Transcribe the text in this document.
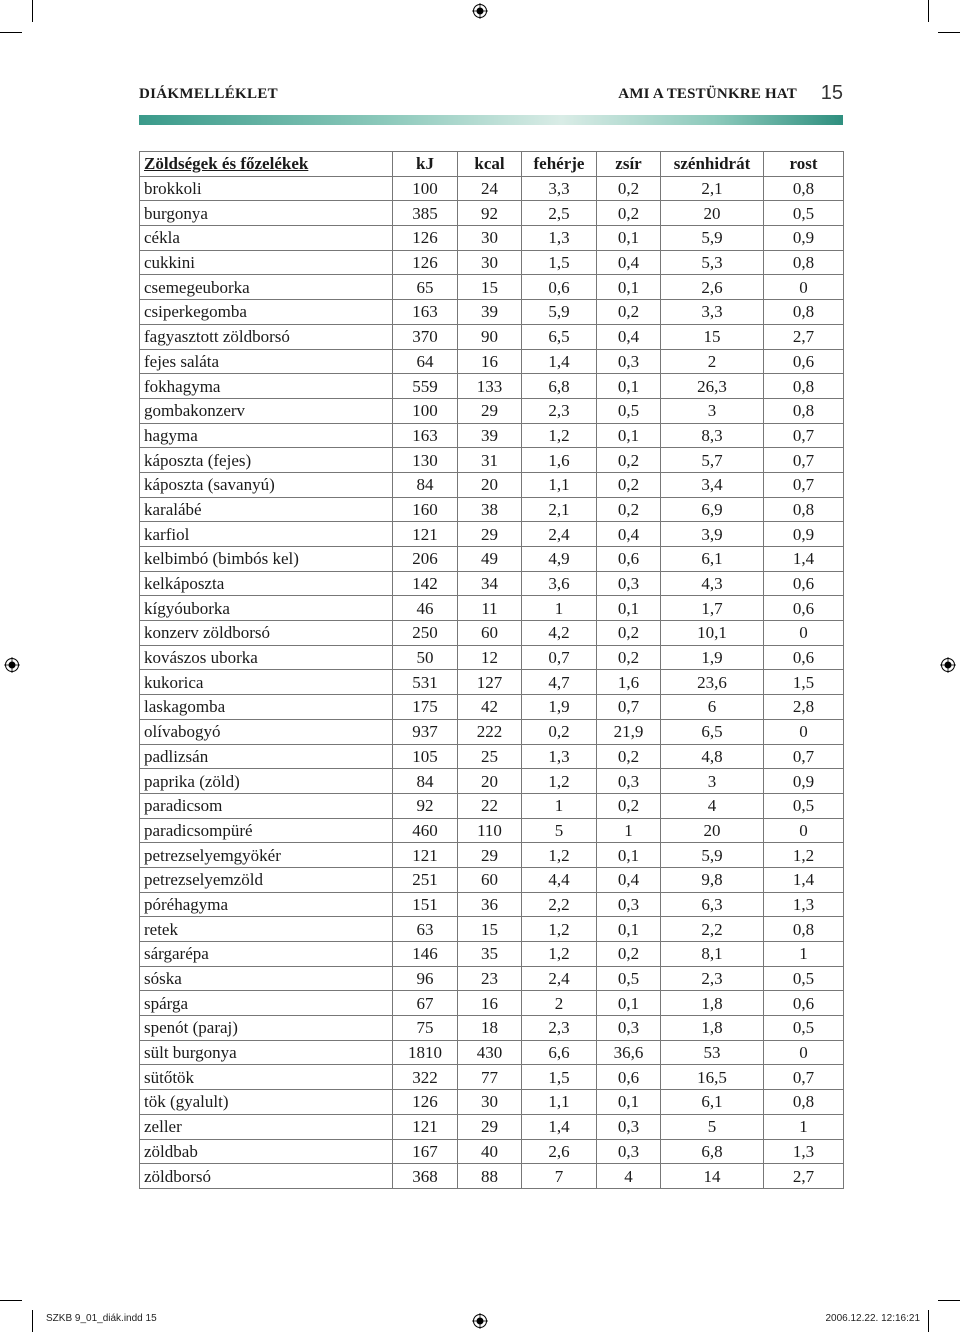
DIÁKMELLÉKLET	AMI A TESTÜNKRE HAT 15
Zöldségek és főzelékek	kJ	kcal	fehérje	zsír	szénhidrát	rost
brokkoli	100	24	3,3	0,2	2,1	0,8
burgonya	385	92	2,5	0,2	20	0,5
cékla	126	30	1,3	0,1	5,9	0,9
cukkini	126	30	1,5	0,4	5,3	0,8
csemegeuborka	65	15	0,6	0,1	2,6	0
csiperkegomba	163	39	5,9	0,2	3,3	0,8
fagyasztott zöldborsó	370	90	6,5	0,4	15	2,7
fejes saláta	64	16	1,4	0,3	2	0,6
fokhagyma	559	133	6,8	0,1	26,3	0,8
gombakonzerv	100	29	2,3	0,5	3	0,8
hagyma	163	39	1,2	0,1	8,3	0,7
káposzta (fejes)	130	31	1,6	0,2	5,7	0,7
káposzta (savanyú)	84	20	1,1	0,2	3,4	0,7
karalábé	160	38	2,1	0,2	6,9	0,8
karfiol	121	29	2,4	0,4	3,9	0,9
kelbimbó (bimbós kel)	206	49	4,9	0,6	6,1	1,4
kelkáposzta	142	34	3,6	0,3	4,3	0,6
kígyóuborka	46	11	1	0,1	1,7	0,6
konzerv zöldborsó	250	60	4,2	0,2	10,1	0
kovászos uborka	50	12	0,7	0,2	1,9	0,6
kukorica	531	127	4,7	1,6	23,6	1,5
laskagomba	175	42	1,9	0,7	6	2,8
olívabogyó	937	222	0,2	21,9	6,5	0
padlizsán	105	25	1,3	0,2	4,8	0,7
paprika (zöld)	84	20	1,2	0,3	3	0,9
paradicsom	92	22	1	0,2	4	0,5
paradicsompüré	460	110	5	1	20	0
petrezselyemgyökér	121	29	1,2	0,1	5,9	1,2
petrezselyemzöld	251	60	4,4	0,4	9,8	1,4
póréhagyma	151	36	2,2	0,3	6,3	1,3
retek	63	15	1,2	0,1	2,2	0,8
sárgarépa	146	35	1,2	0,2	8,1	1
sóska	96	23	2,4	0,5	2,3	0,5
spárga	67	16	2	0,1	1,8	0,6
spenót (paraj)	75	18	2,3	0,3	1,8	0,5
sült burgonya	1810	430	6,6	36,6	53	0
sütőtök	322	77	1,5	0,6	16,5	0,7
tök (gyalult)	126	30	1,1	0,1	6,1	0,8
zeller	121	29	1,4	0,3	5	1
zöldbab	167	40	2,6	0,3	6,8	1,3
zöldborsó	368	88	7	4	14	2,7
SZKB 9_01_diák.indd 15	2006.12.22. 12:16:21
